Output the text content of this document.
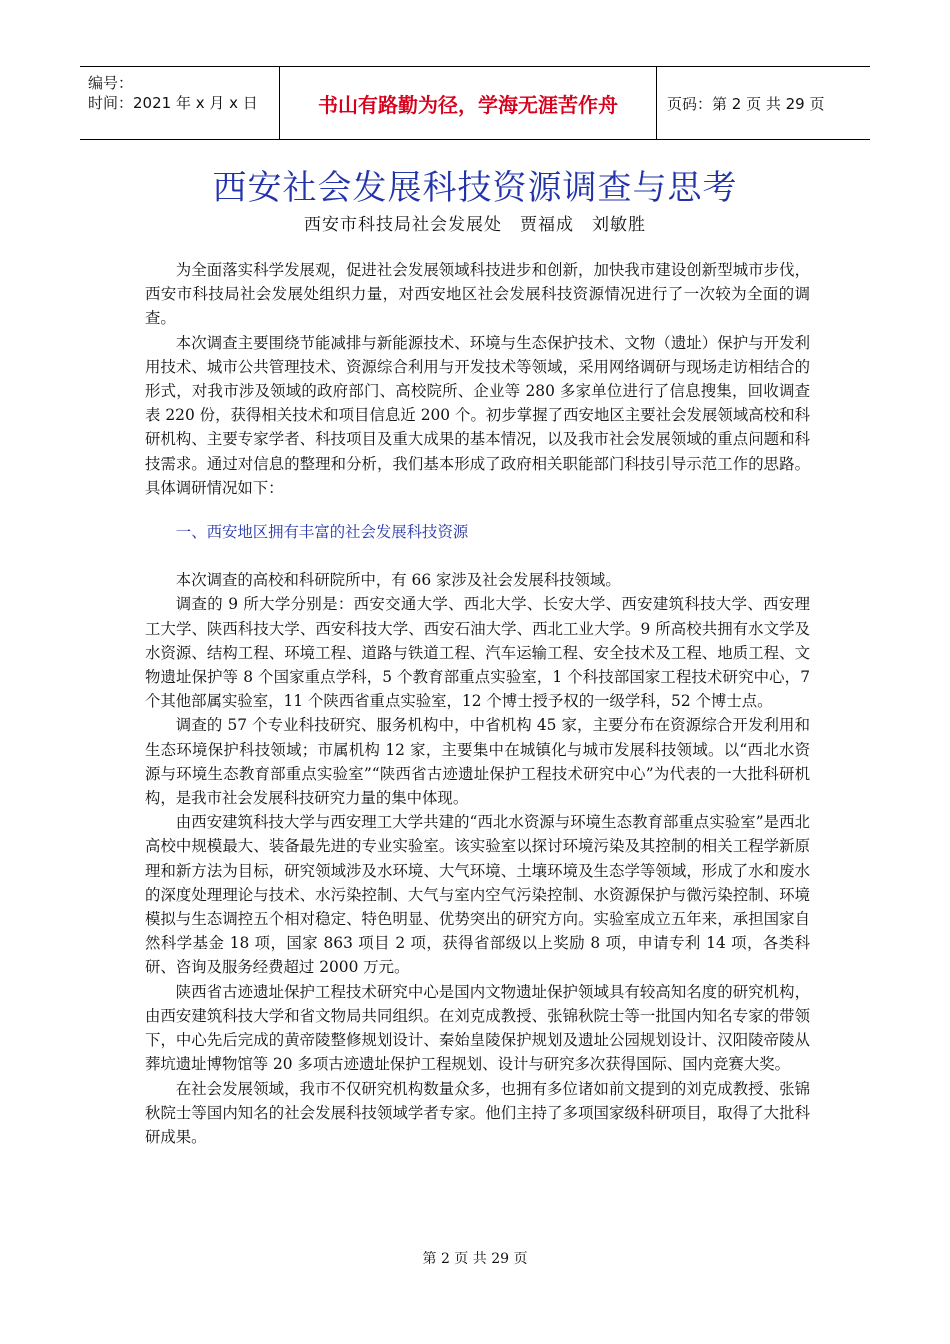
编号：
时间：2021 年 x 月 x 日	书山有路勤为径，学海无涯苦作舟	页码：第 2 页 共 29 页
西安社会发展科技资源调查与思考
西安市科技局社会发展处　贾福成　刘敏胜

为全面落实科学发展观，促进社会发展领域科技进步和创新，加快我市建设创新型城市步伐，西安市科技局社会发展处组织力量，对西安地区社会发展科技资源情况进行了一次较为全面的调查。

本次调查主要围绕节能减排与新能源技术、环境与生态保护技术、文物（遗址）保护与开发利用技术、城市公共管理技术、资源综合利用与开发技术等领域，采用网络调研与现场走访相结合的形式，对我市涉及领域的政府部门、高校院所、企业等 280 多家单位进行了信息搜集，回收调查表 220 份，获得相关技术和项目信息近 200 个。初步掌握了西安地区主要社会发展领域高校和科研机构、主要专家学者、科技项目及重大成果的基本情况，以及我市社会发展领域的重点问题和科技需求。通过对信息的整理和分析，我们基本形成了政府相关职能部门科技引导示范工作的思路。具体调研情况如下：

一、西安地区拥有丰富的社会发展科技资源

本次调查的高校和科研院所中，有 66 家涉及社会发展科技领域。

调查的 9 所大学分别是：西安交通大学、西北大学、长安大学、西安建筑科技大学、西安理工大学、陕西科技大学、西安科技大学、西安石油大学、西北工业大学。9 所高校共拥有水文学及水资源、结构工程、环境工程、道路与铁道工程、汽车运输工程、安全技术及工程、地质工程、文物遗址保护等 8 个国家重点学科，5 个教育部重点实验室，1 个科技部国家工程技术研究中心，7 个其他部属实验室，11 个陕西省重点实验室，12 个博士授予权的一级学科，52 个博士点。

调查的 57 个专业科技研究、服务机构中，中省机构 45 家，主要分布在资源综合开发利用和生态环境保护科技领域；市属机构 12 家，主要集中在城镇化与城市发展科技领域。以“西北水资源与环境生态教育部重点实验室”“陕西省古迹遗址保护工程技术研究中心”为代表的一大批科研机构，是我市社会发展科技研究力量的集中体现。

由西安建筑科技大学与西安理工大学共建的“西北水资源与环境生态教育部重点实验室”是西北高校中规模最大、装备最先进的专业实验室。该实验室以探讨环境污染及其控制的相关工程学新原理和新方法为目标，研究领域涉及水环境、大气环境、土壤环境及生态学等领域，形成了水和废水的深度处理理论与技术、水污染控制、大气与室内空气污染控制、水资源保护与微污染控制、环境模拟与生态调控五个相对稳定、特色明显、优势突出的研究方向。实验室成立五年来，承担国家自然科学基金 18 项，国家 863 项目 2 项，获得省部级以上奖励 8 项，申请专利 14 项，各类科研、咨询及服务经费超过 2000 万元。

陕西省古迹遗址保护工程技术研究中心是国内文物遗址保护领域具有较高知名度的研究机构，由西安建筑科技大学和省文物局共同组织。在刘克成教授、张锦秋院士等一批国内知名专家的带领下，中心先后完成的黄帝陵整修规划设计、秦始皇陵保护规划及遗址公园规划设计、汉阳陵帝陵从葬坑遗址博物馆等 20 多项古迹遗址保护工程规划、设计与研究多次获得国际、国内竞赛大奖。

在社会发展领域，我市不仅研究机构数量众多，也拥有多位诸如前文提到的刘克成教授、张锦秋院士等国内知名的社会发展科技领域学者专家。他们主持了多项国家级科研项目，取得了大批科研成果。

第 2 页 共 29 页
